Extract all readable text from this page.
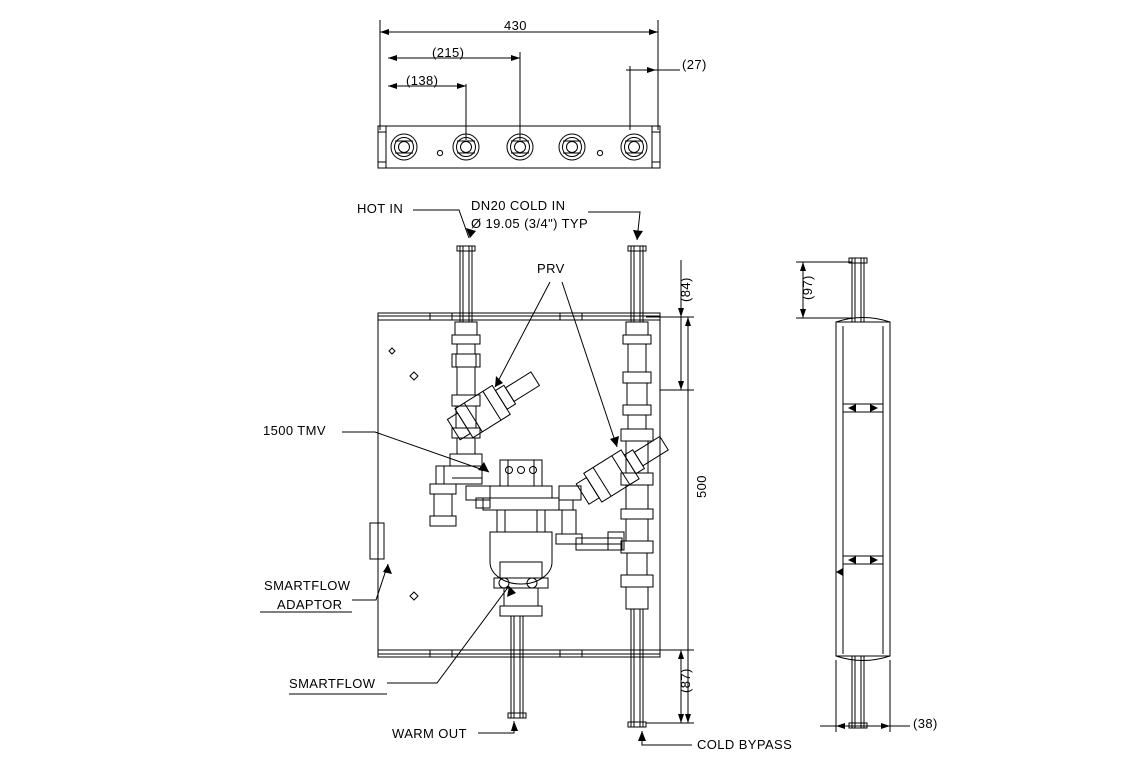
430
(215)
(138)
(27)
HOT IN	DN20 COLD IN
Ø 19.05 (3/4") TYP
PRV
1500 TMV
SMARTFLOW
ADAPTOR
SMARTFLOW
WARM OUT
COLD BYPASS
(84)
500
(87)
(97)
(38)
